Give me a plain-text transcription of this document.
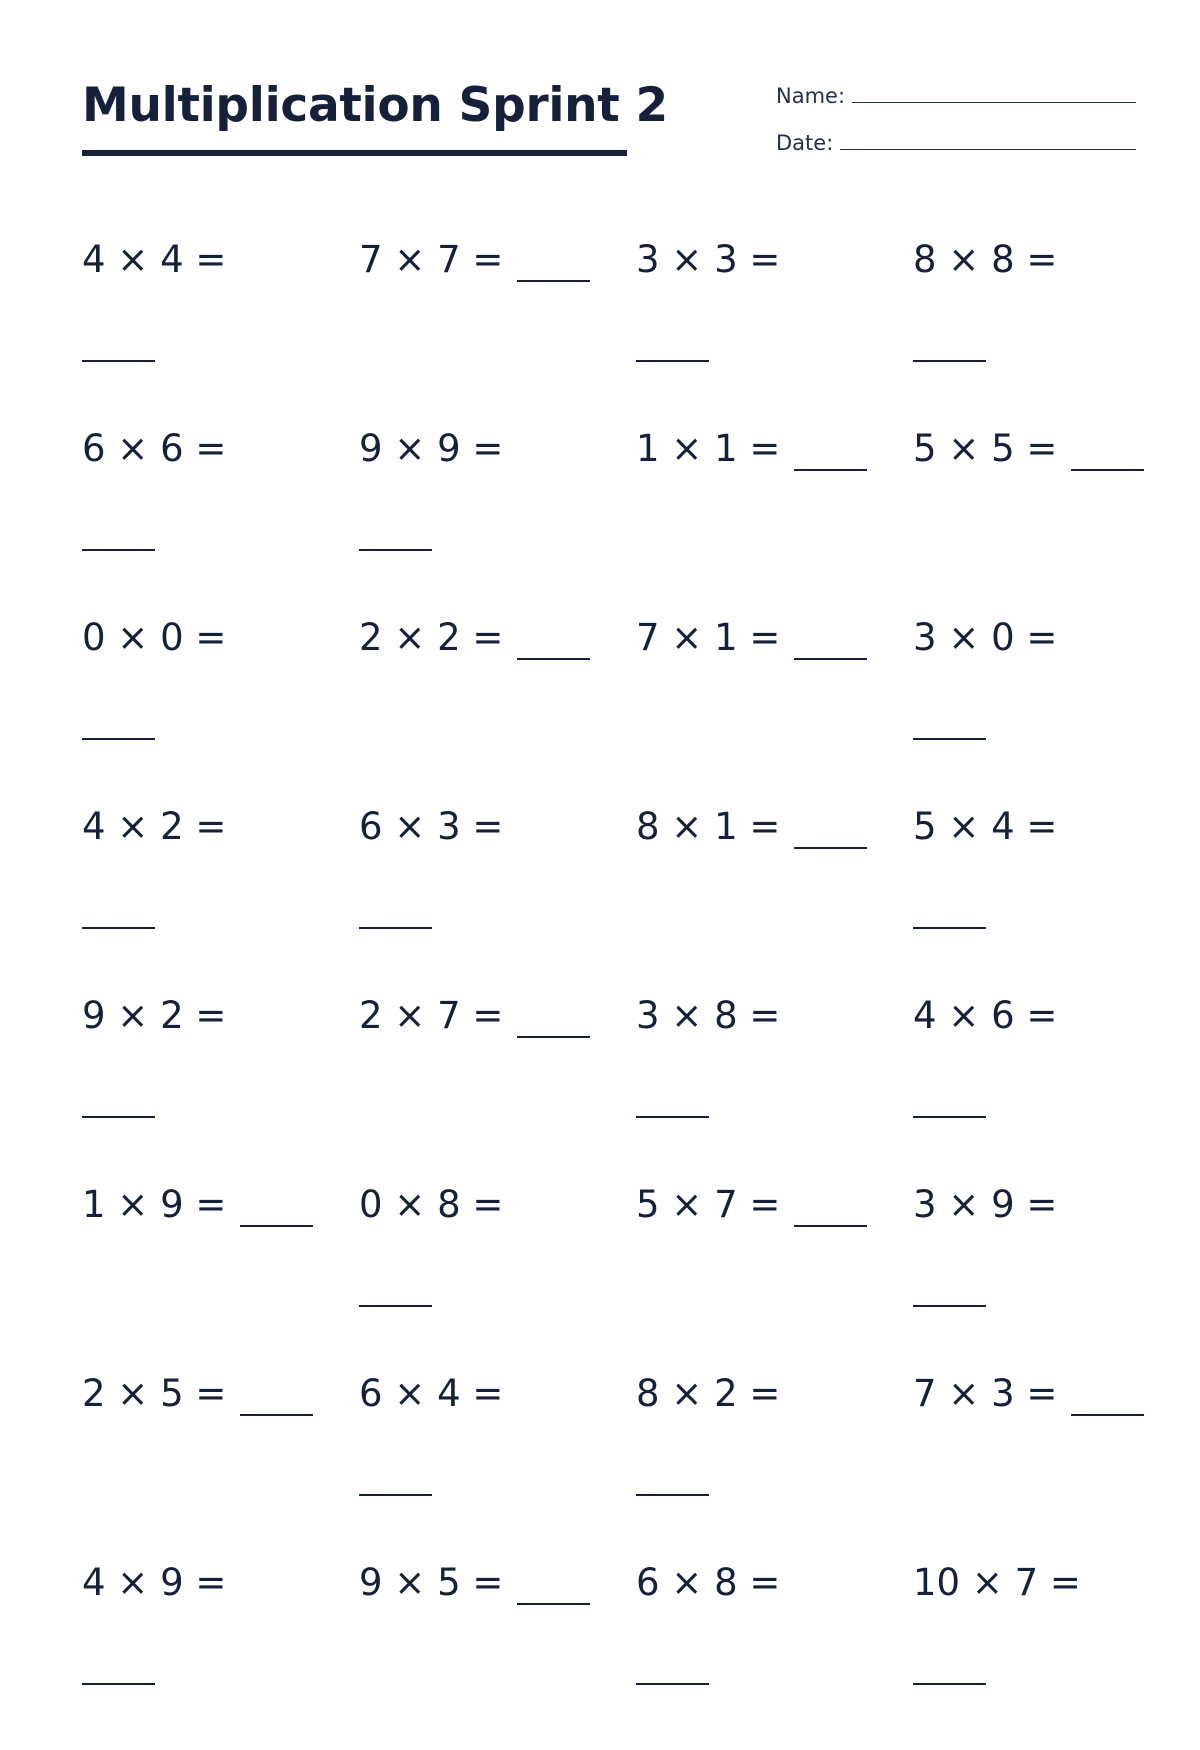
Multiplication Sprint 2	Name:
Date:
4 × 4 =	7 × 7 =	3 × 3 =	8 × 8 =
6 × 6 =	9 × 9 =	1 × 1 =	5 × 5 =
0 × 0 =	2 × 2 =	7 × 1 =	3 × 0 =
4 × 2 =	6 × 3 =	8 × 1 =	5 × 4 =
9 × 2 =	2 × 7 =	3 × 8 =	4 × 6 =
1 × 9 =	0 × 8 =	5 × 7 =	3 × 9 =
2 × 5 =	6 × 4 =	8 × 2 =	7 × 3 =
4 × 9 =	9 × 5 =	6 × 8 =	10 × 7 =
